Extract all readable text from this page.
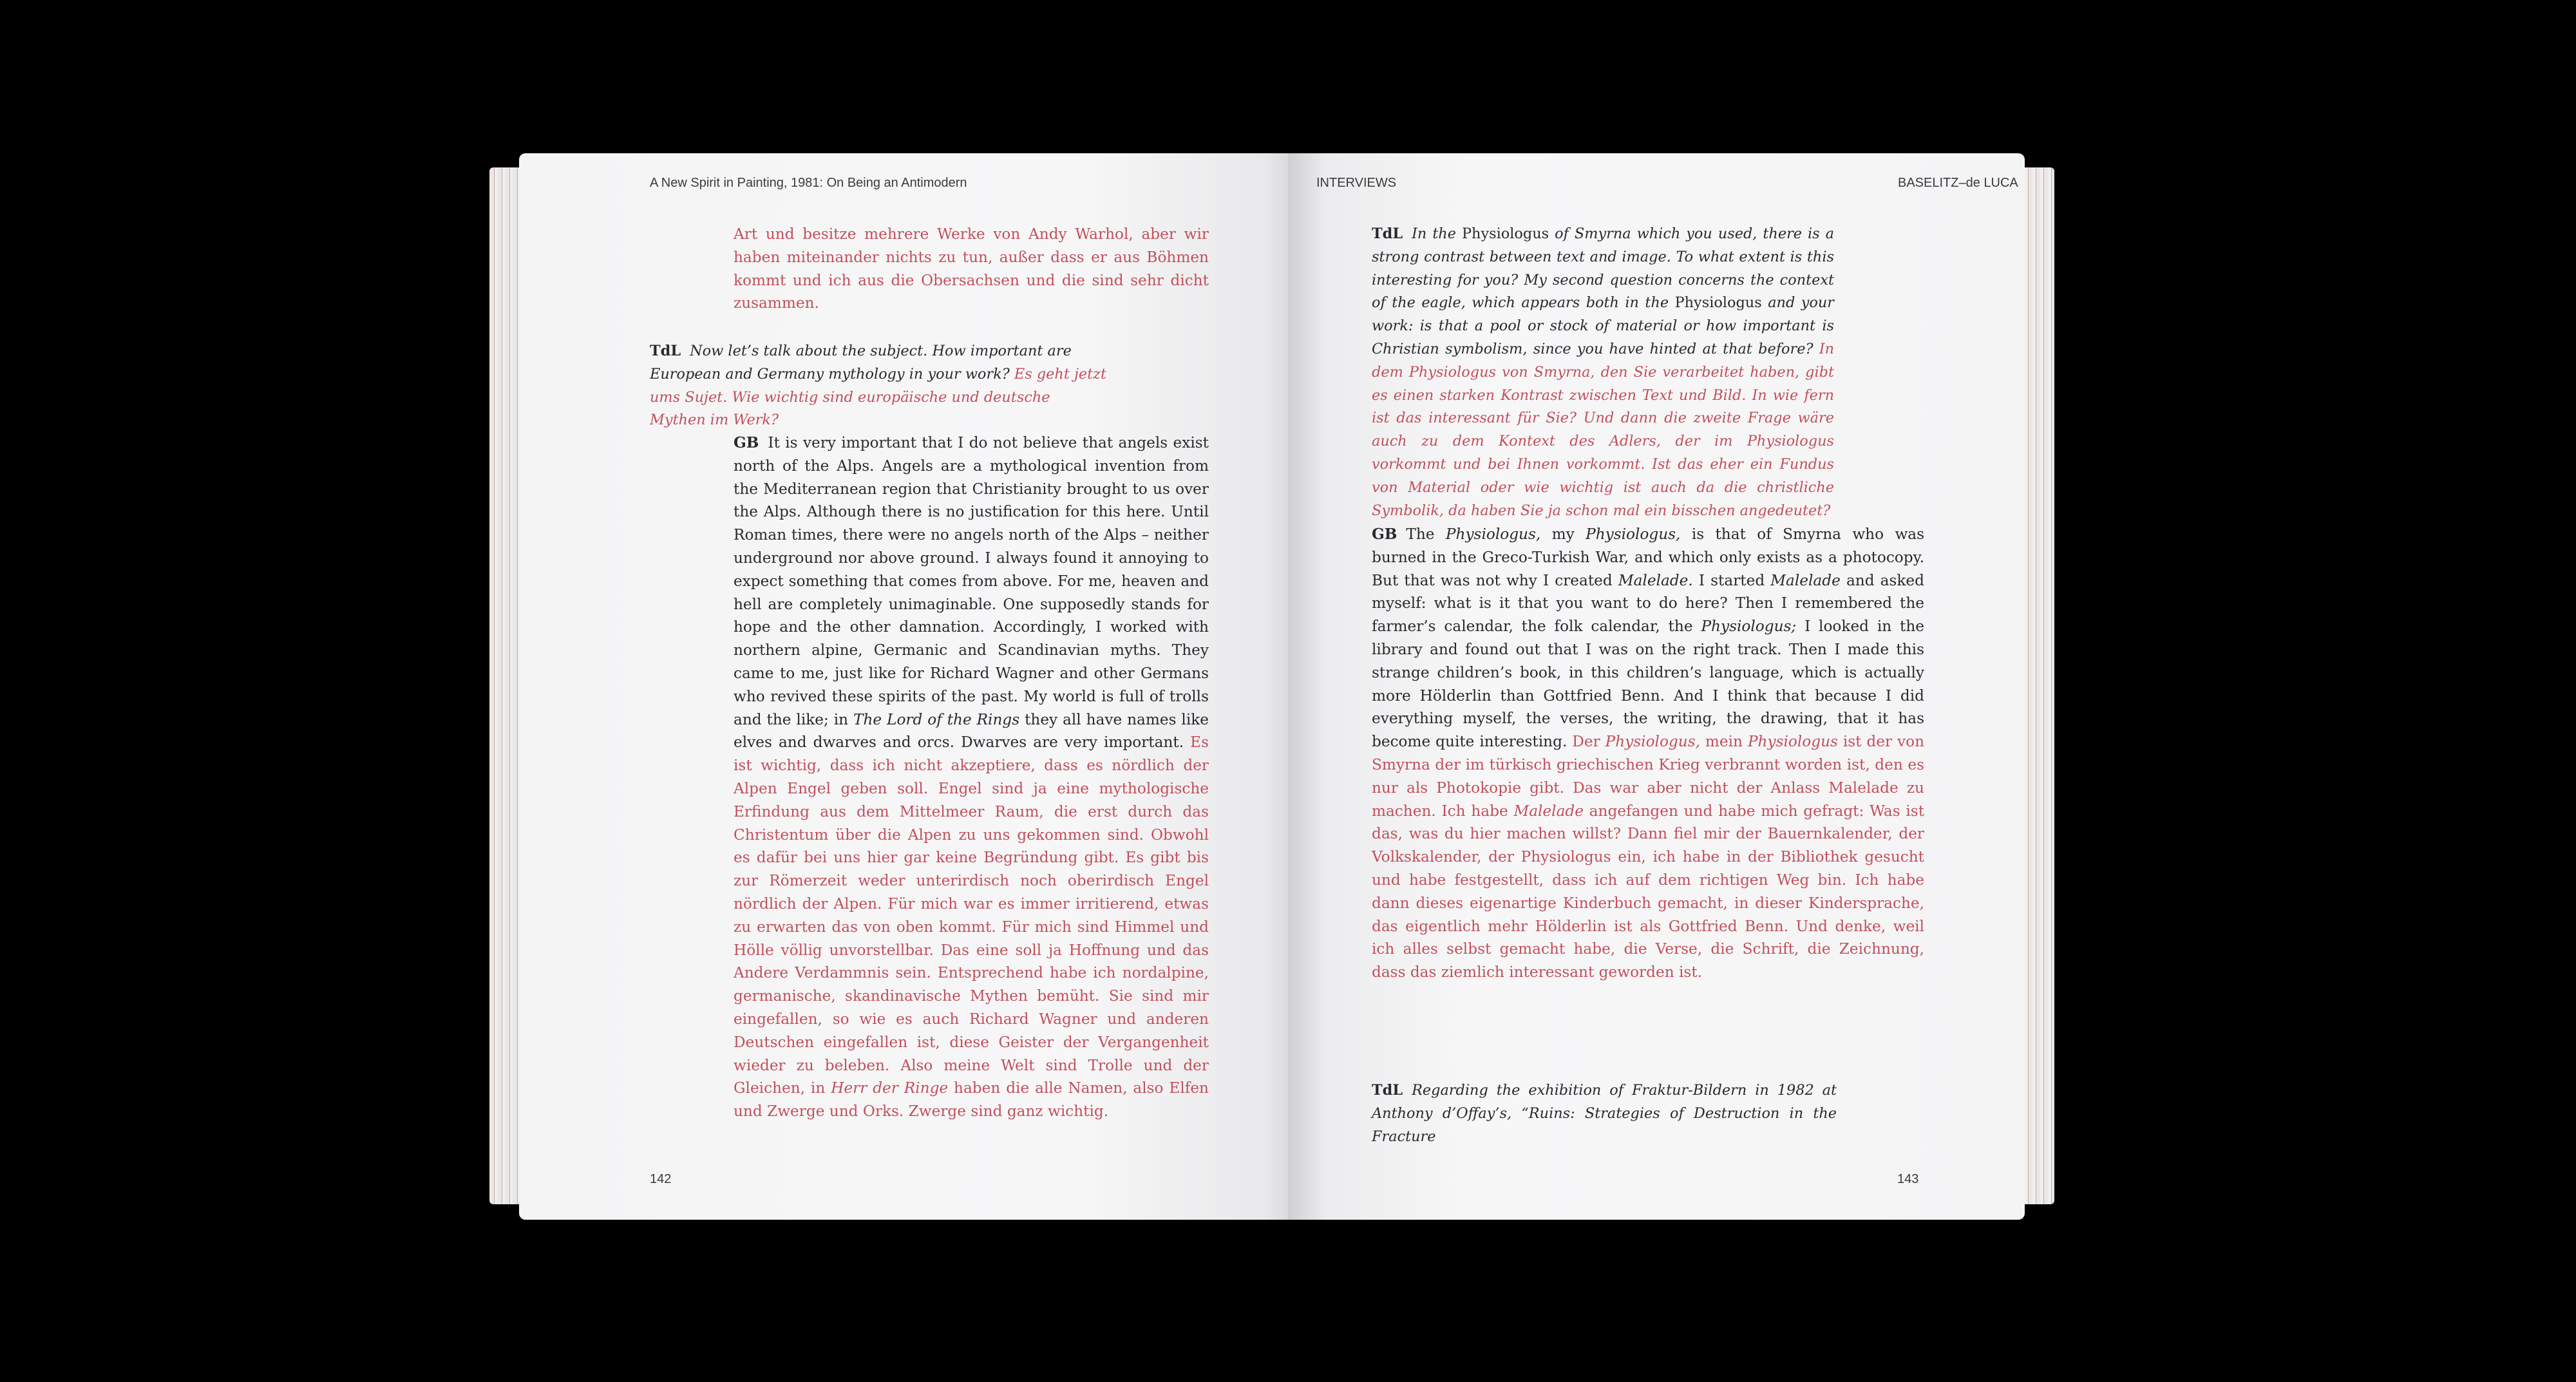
A New Spirit in Painting, 1981: On Being an Antimodern

Art und besitze mehrere Werke von Andy Warhol, aber wir haben miteinander nichts zu tun, außer dass er aus Böhmen kommt und ich aus die Obersachsen und die sind sehr dicht zusammen.

TdL Now let’s talk about the subject. How important are European and Germany mythology in your work? Es geht jetzt ums Sujet. Wie wichtig sind europäische und deutsche Mythen im Werk?

GB It is very important that I do not believe that angels exist north of the Alps. Angels are a mythological invention from the Mediterranean region that Christianity brought to us over the Alps. Although there is no justification for this here. Until Roman times, there were no angels north of the Alps – neither underground nor above ground. I always found it annoying to expect something that comes from above. For me, heaven and hell are completely unimaginable. One supposedly stands for hope and the other damnation. Accordingly, I worked with northern alpine, Germanic and Scandinavian myths. They came to me, just like for Richard Wagner and other Germans who revived these spirits of the past. My world is full of trolls and the like; in The Lord of the Rings they all have names like elves and dwarves and orcs. Dwarves are very important. Es ist wichtig, dass ich nicht akzeptiere, dass es nördlich der Alpen Engel geben soll. Engel sind ja eine mythologische Erfindung aus dem Mittelmeer Raum, die erst durch das Christentum über die Alpen zu uns gekommen sind. Obwohl es dafür bei uns hier gar keine Begründung gibt. Es gibt bis zur Römerzeit weder unterirdisch noch oberirdisch Engel nördlich der Alpen. Für mich war es immer irritierend, etwas zu erwarten das von oben kommt. Für mich sind Himmel und Hölle völlig unvorstellbar. Das eine soll ja Hoffnung und das Andere Verdammnis sein. Entsprechend habe ich nordalpine, germanische, skandinavische Mythen bemüht. Sie sind mir eingefallen, so wie es auch Richard Wagner und anderen Deutschen eingefallen ist, diese Geister der Vergangenheit wieder zu beleben. Also meine Welt sind Trolle und der Gleichen, in Herr der Ringe haben die alle Namen, also Elfen und Zwerge und Orks. Zwerge sind ganz wichtig.

142
INTERVIEWS	BASELITZ–de LUCA

TdL In the Physiologus of Smyrna which you used, there is a strong contrast between text and image. To what extent is this interesting for you? My second question concerns the context of the eagle, which appears both in the Physiologus and your work: is that a pool or stock of material or how important is Christian symbolism, since you have hinted at that before? In dem Physiologus von Smyrna, den Sie verarbeitet haben, gibt es einen starken Kontrast zwischen Text und Bild. In wie fern ist das interessant für Sie? Und dann die zweite Frage wäre auch zu dem Kontext des Adlers, der im Physiologus vorkommt und bei Ihnen vorkommt. Ist das eher ein Fundus von Material oder wie wichtig ist auch da die christliche Symbolik, da haben Sie ja schon mal ein bisschen angedeutet?

GB The Physiologus, my Physiologus, is that of Smyrna who was burned in the Greco-Turkish War, and which only exists as a photocopy. But that was not why I created Malelade. I started Malelade and asked myself: what is it that you want to do here? Then I remembered the farmer’s calendar, the folk calendar, the Physiologus; I looked in the library and found out that I was on the right track. Then I made this strange children’s book, in this children’s language, which is actually more Hölderlin than Gottfried Benn. And I think that because I did everything myself, the verses, the writing, the drawing, that it has become quite interesting. Der Physiologus, mein Physiologus ist der von Smyrna der im türkisch griechischen Krieg verbrannt worden ist, den es nur als Photokopie gibt. Das war aber nicht der Anlass Malelade zu machen. Ich habe Malelade angefangen und habe mich gefragt: Was ist das, was du hier machen willst? Dann fiel mir der Bauernkalender, der Volkskalender, der Physiologus ein, ich habe in der Bibliothek gesucht und habe festgestellt, dass ich auf dem richtigen Weg bin. Ich habe dann dieses eigenartige Kinderbuch gemacht, in dieser Kindersprache, das eigentlich mehr Hölderlin ist als Gottfried Benn. Und denke, weil ich alles selbst gemacht habe, die Verse, die Schrift, die Zeichnung, dass das ziemlich interessant geworden ist.

TdL Regarding the exhibition of Fraktur-Bildern in 1982 at Anthony d’Offay’s, “Ruins: Strategies of Destruction in the Fracture

143
